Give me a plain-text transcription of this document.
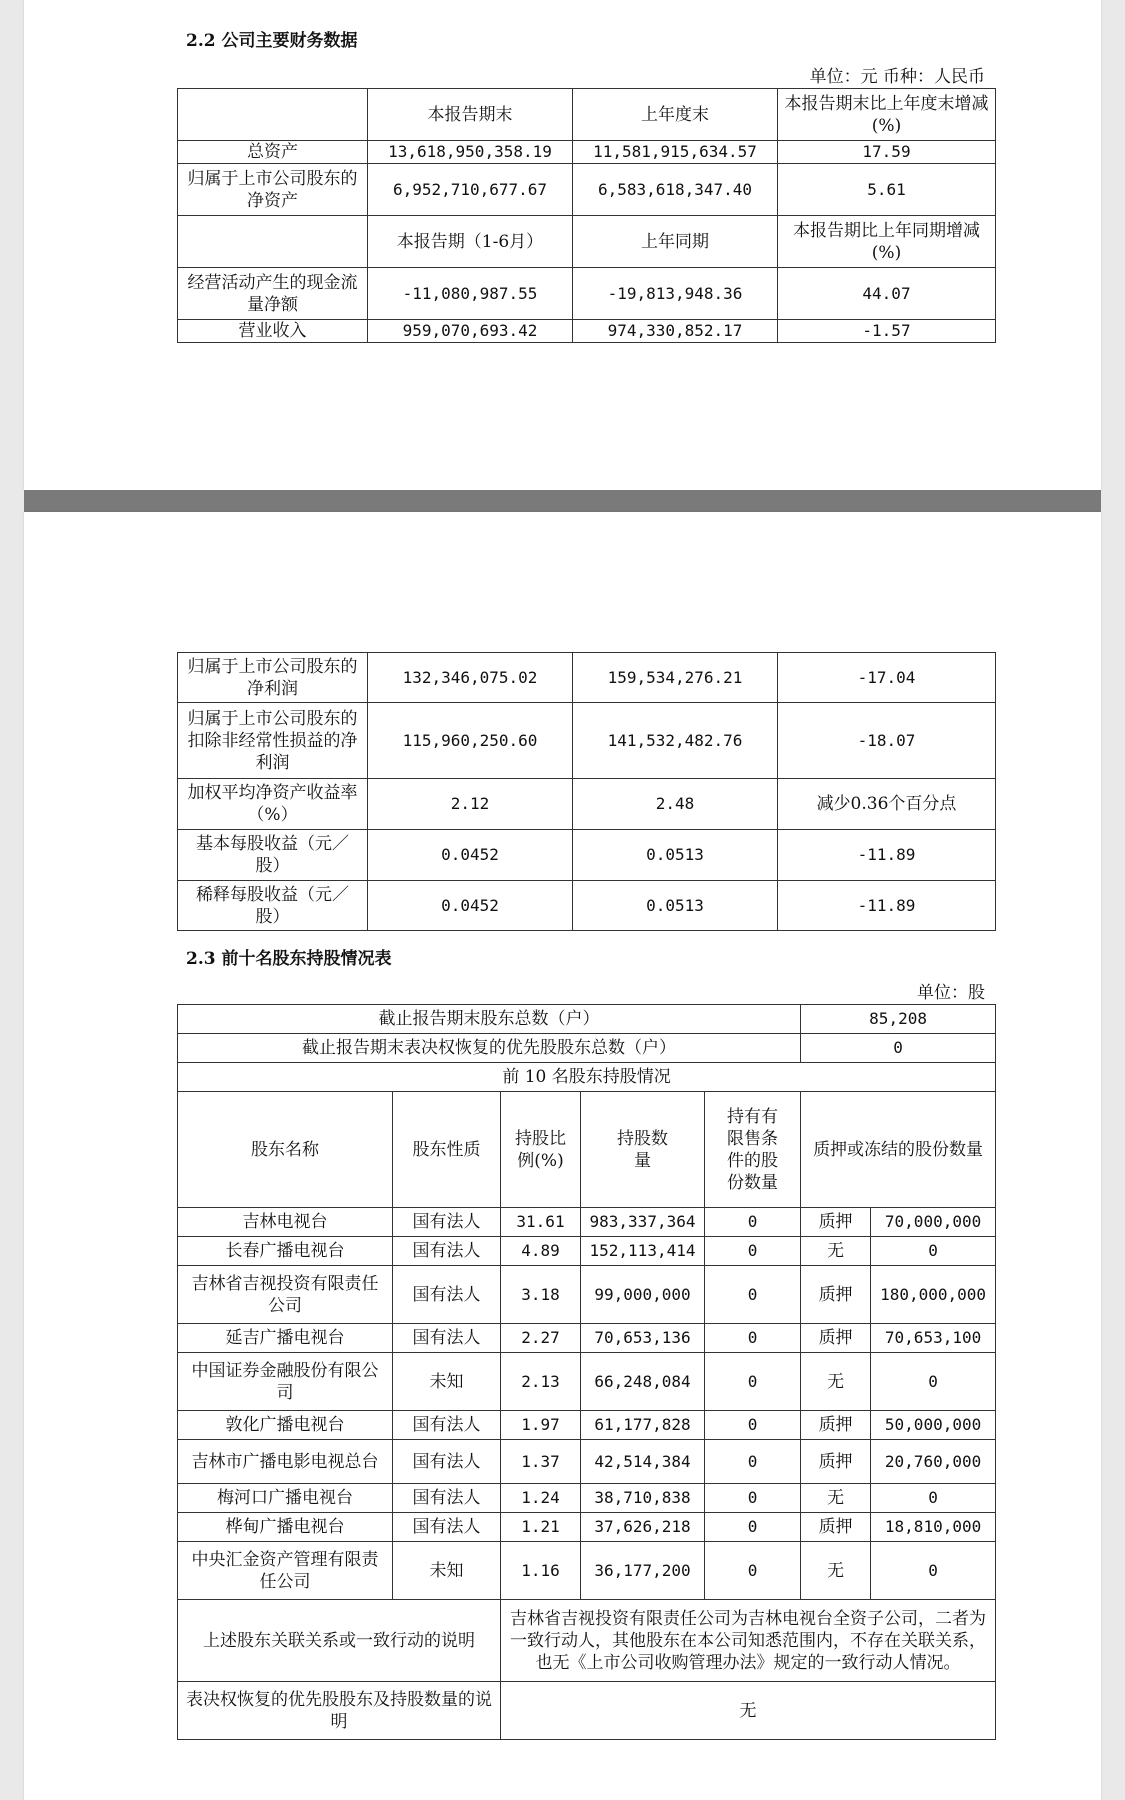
2.2 公司主要财务数据
单位：元 币种：人民币
	本报告期末	上年度末	本报告期末比上年度末增减(%)
总资产	13,618,950,358.19	11,581,915,634.57	17.59
归属于上市公司股东的净资产	6,952,710,677.67	6,583,618,347.40	5.61
	本报告期（1-6月）	上年同期	本报告期比上年同期增减(%)
经营活动产生的现金流量净额	-11,080,987.55	-19,813,948.36	44.07
营业收入	959,070,693.42	974,330,852.17	-1.57
归属于上市公司股东的净利润	132,346,075.02	159,534,276.21	-17.04
归属于上市公司股东的扣除非经常性损益的净利润	115,960,250.60	141,532,482.76	-18.07
加权平均净资产收益率（%）	2.12	2.48	减少0.36个百分点
基本每股收益（元／股）	0.0452	0.0513	-11.89
稀释每股收益（元／股）	0.0452	0.0513	-11.89
2.3 前十名股东持股情况表
单位：股
截止报告期末股东总数（户）					85,208	
截止报告期末表决权恢复的优先股股东总数（户）					0	
前 10 名股东持股情况						
股东名称	股东性质	持股比例(%)	持股数量	持有有限售条件的股份数量	质押或冻结的股份数量	
吉林电视台	国有法人	31.61	983,337,364	0	质押	70,000,000
长春广播电视台	国有法人	4.89	152,113,414	0	无	0
吉林省吉视投资有限责任公司	国有法人	3.18	99,000,000	0	质押	180,000,000
延吉广播电视台	国有法人	2.27	70,653,136	0	质押	70,653,100
中国证券金融股份有限公司	未知	2.13	66,248,084	0	无	0
敦化广播电视台	国有法人	1.97	61,177,828	0	质押	50,000,000
吉林市广播电影电视总台	国有法人	1.37	42,514,384	0	质押	20,760,000
梅河口广播电视台	国有法人	1.24	38,710,838	0	无	0
桦甸广播电视台	国有法人	1.21	37,626,218	0	质押	18,810,000
中央汇金资产管理有限责任公司	未知	1.16	36,177,200	0	无	0
上述股东关联关系或一致行动的说明		吉林省吉视投资有限责任公司为吉林电视台全资子公司，二者为一致行动人，其他股东在本公司知悉范围内，不存在关联关系，也无《上市公司收购管理办法》规定的一致行动人情况。				
表决权恢复的优先股股东及持股数量的说明		无				
